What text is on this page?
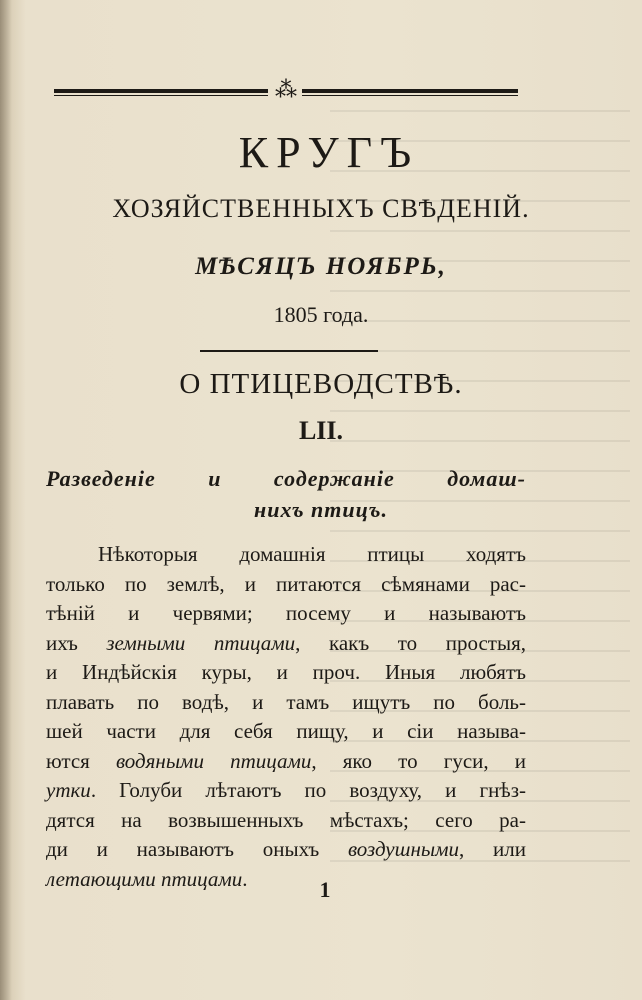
⁂
КРУГЪ
ХОЗЯЙСТВЕННЫХЪ СВѢДЕНІЙ.
МѢСЯЦЪ НОЯБРЬ,
1805 года.
О ПТИЦЕВОДСТВѢ.
LII.
Разведеніе и содержаніе домаш-
нихъ птицъ.
Нѣкоторыя домашнія птицы ходятъ
только по землѣ, и питаются сѣмянами рас-
тѣній и червями; посему и называютъ
ихъ земными птицами, какъ то простыя,
и Индѣйскія куры, и проч. Иныя любятъ
плавать по водѣ, и тамъ ищутъ по боль-
шей части для себя пищу, и сіи называ-
ются водяными птицами, яко то гуси, и
утки. Голуби лѣтаютъ по воздуху, и гнѣз-
дятся на возвышенныхъ мѣстахъ; сего ра-
ди и называютъ оныхъ воздушными, или
летающими птицами.	1
